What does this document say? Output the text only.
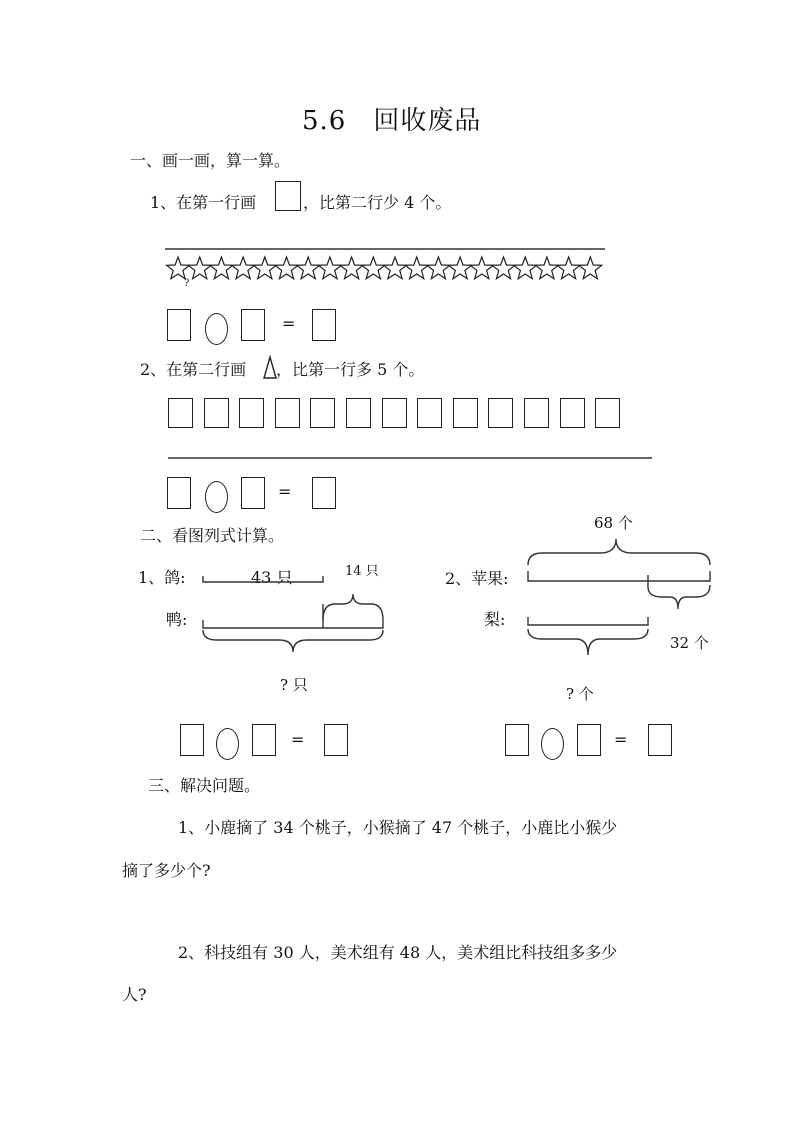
5.6　回收废品
一、画一画，算一算。
1、在第一行画	，比第二行少 4 个。
?
=
2、在第二行画 ，比第一行多 5 个。
=
二、看图列式计算。
1、鸽:	43 只	14 只
鸭:
? 只
68 个
2、苹果:
梨:
32 个
? 个
=	=
三、解决问题。
1、小鹿摘了 34 个桃子，小猴摘了 47 个桃子，小鹿比小猴少
摘了多少个?
2、科技组有 30 人，美术组有 48 人，美术组比科技组多多少
人?
